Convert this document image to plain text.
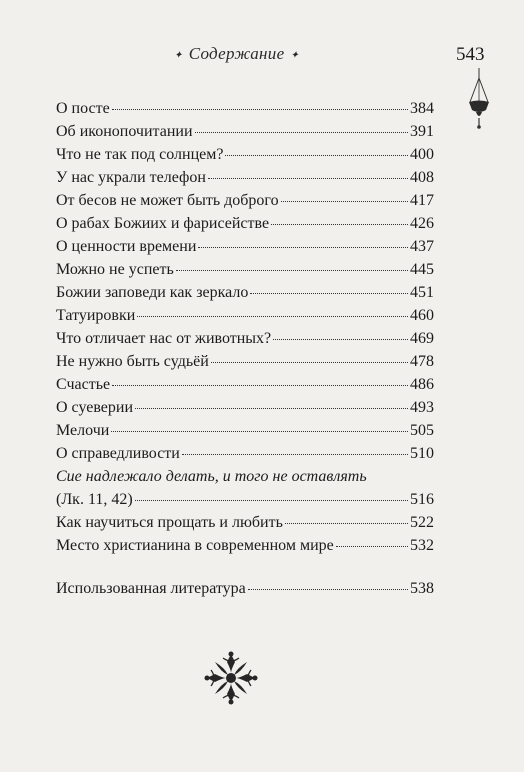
✦ Содержание ✦	543
О посте	384
Об иконопочитании	391
Что не так под солнцем?	400
У нас украли телефон	408
От бесов не может быть доброго	417
О рабах Божиих и фарисействе	426
О ценности времени	437
Можно не успеть	445
Божии заповеди как зеркало	451
Татуировки	460
Что отличает нас от животных?	469
Не нужно быть судьёй	478
Счастье	486
О суеверии	493
Мелочи	505
О справедливости	510
Сие надлежало делать, и того не оставлять
(Лк. 11, 42)	516
Как научиться прощать и любить	522
Место христианина в современном мире	532
Использованная литература	538
